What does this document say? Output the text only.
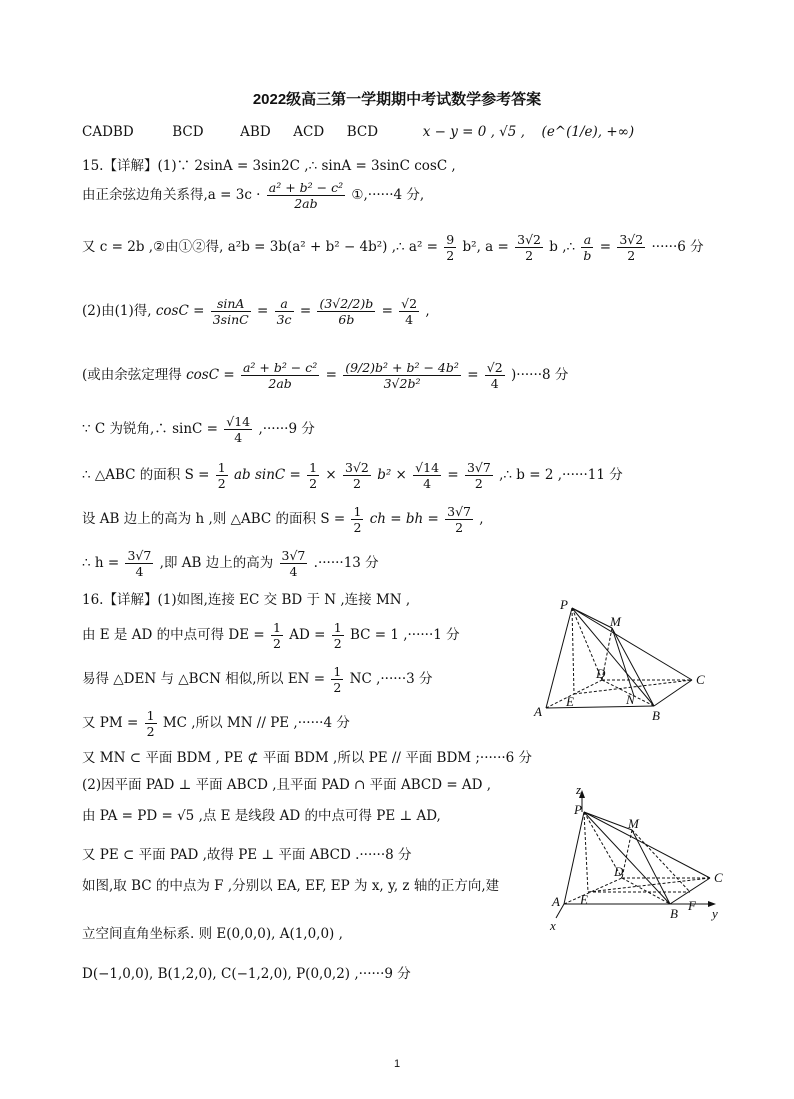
2022级高三第一学期期中考试数学参考答案
CADBD	BCD	ABD ACD BCD	x − y = 0 , √5 , (e^(1/e), +∞)
15.【详解】(1)∵ 2sinA = 3sin2C ,∴ sinA = 3sinC cosC ,
由正余弦边角关系得$,a = 3c \cdot \frac{\text{a² + b² − c²}}{2ab}$ ①,······4 分,
又 c = 2b ,②由①②得, a²b = 3b(a² + b² − 4b²) ,∴ $a^2 = \frac{9}{2} b^2$, $a = \frac{3√2}{2}$ b ,∴ $\frac{a}{b} = \frac{3√2}{2} \cdot\cdot\cdot\cdot\cdot\cdot 6$ 分
(2)由(1)得, $\cos C = \frac{\sin A}{3\sin C} = \frac{a}{3c} = \frac{(3√2/2)b}{6b} = \frac{√2}{4}$ ,
(或由余弦定理得 $\cos C = \frac{\text{a² + b² − c²}}{2ab} = \frac{\text{(9/2)b² + b² − 4b²}}{\text{3√2b²}} = \frac{√2}{4} )\cdot\cdot\cdot\cdot\cdot\cdot 8$ 分
∵ C 为锐角,∴ $\sin C = \frac{√14}{4} ,\cdot\cdot\cdot\cdot\cdot\cdot 9$ 分
∴ △ABC 的面积 $S = \frac{1}{2}$ ab $\sin C = \frac{1}{2} \times \frac{3√2}{2} b^2 \times \frac{√14}{4} = \frac{3√7}{2}$ ,∴ b = 2 ,······11 分
设 AB 边上的高为 h ,则 △ABC 的面积 $S = \frac{1}{2}$ ch = bh = $\frac{3√7}{2}$ ,
∴ $h = \frac{3√7}{4}$ ,即 AB 边上的高为 $\frac{3√7}{4} .\cdot\cdot\cdot\cdot\cdot\cdot 13$ 分
16.【详解】(1)如图,连接 EC 交 BD 于 N ,连接 MN ,
由 E 是 AD 的中点可得 DE = $\frac{1}{2}$ AD = $\frac{1}{2}$ BC = 1 ,······1 分
易得 △DEN 与 △BCN 相似,所以 EN = $\frac{1}{2}$ NC ,······3 分
又 PM = $\frac{1}{2}$ MC ,所以 MN // PE ,······4 分
又 MN ⊂ 平面 BDM , PE ⊄ 平面 BDM ,所以 PE // 平面 BDM ;······6 分
(2)因平面 PAD ⊥ 平面 ABCD ,且平面 PAD ∩ 平面 ABCD = AD ,
由 PA = PD = √5 ,点 E 是线段 AD 的中点可得 PE ⊥ AD,
又 PE ⊂ 平面 PAD ,故得 PE ⊥ 平面 ABCD .······8 分
如图,取 BC 的中点为 F ,分别以 EA, EF, EP 为 x, y, z 轴的正方向,建
立空间直角坐标系. 则 E(0,0,0), A(1,0,0) ,
D(−1,0,0), B(1,2,0), C(−1,2,0), P(0,0,2) ,······9 分
P
M
D	C
A
E	N
B
z
P
M
D	C
A E
B
F
y
x
1
